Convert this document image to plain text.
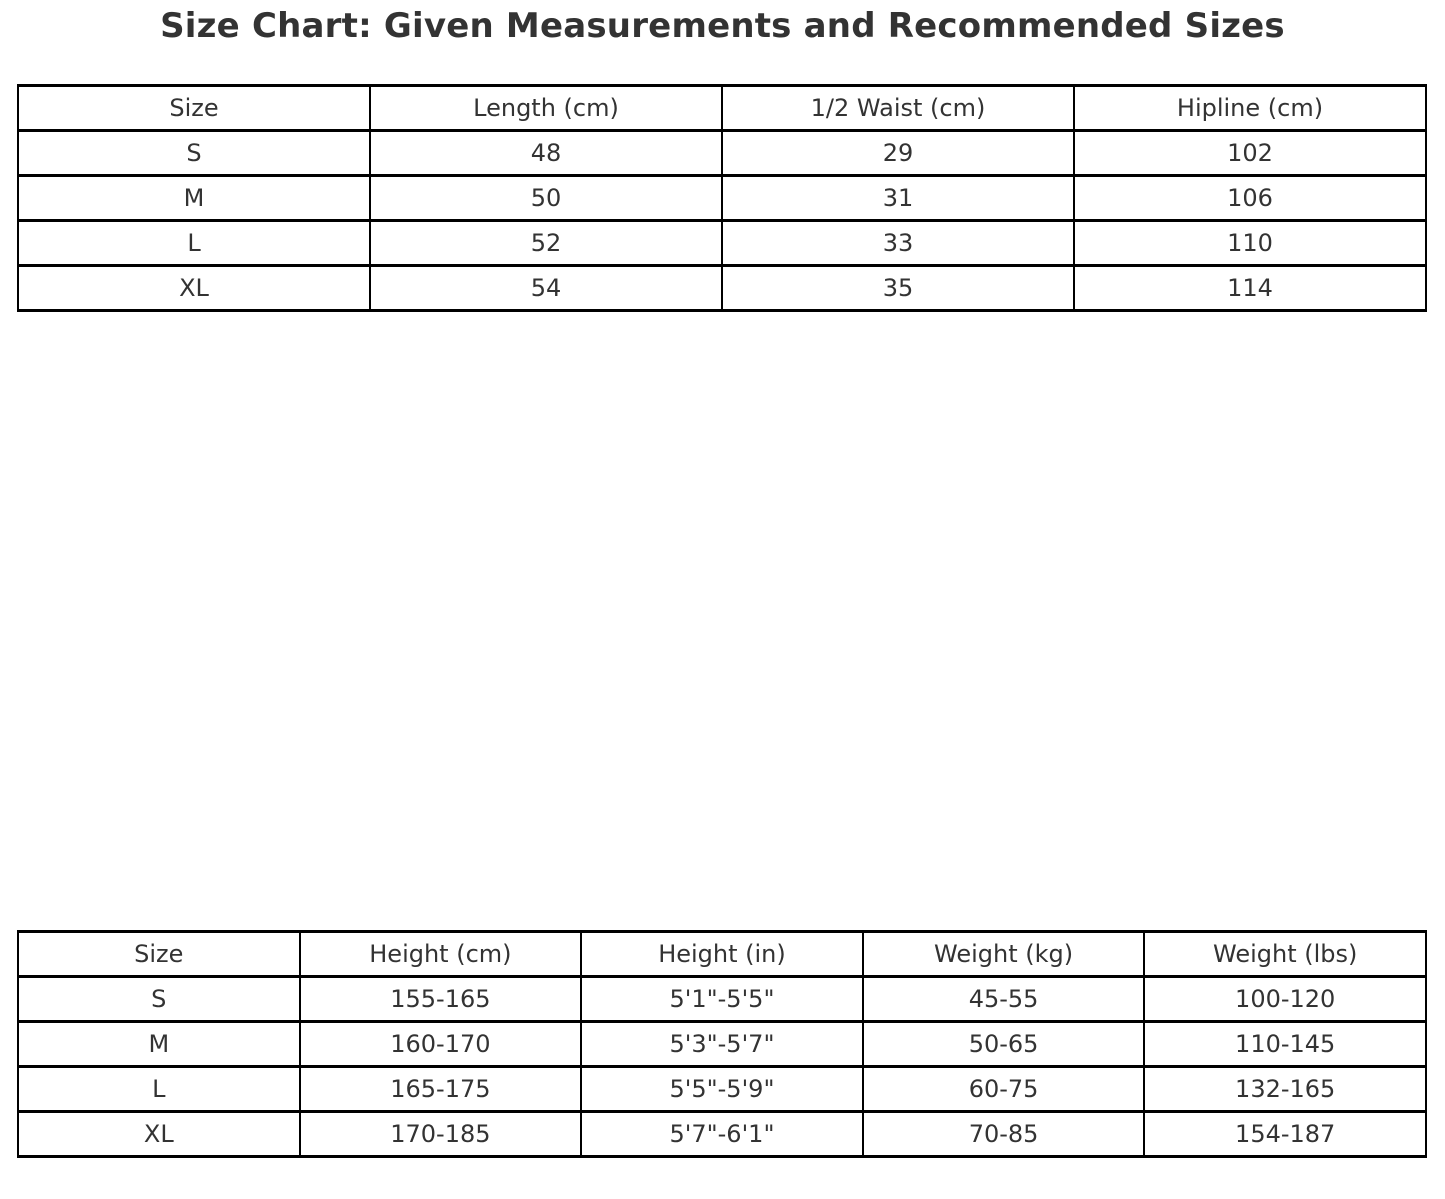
Size Chart: Given Measurements and Recommended Sizes
Size	Length (cm)	1/2 Waist (cm)	Hipline (cm)
S	48	29	102
M	50	31	106
L	52	33	110
XL	54	35	114
Size	Height (cm)	Height (in)	Weight (kg)	Weight (lbs)
S	155-165	5'1"-5'5"	45-55	100-120
M	160-170	5'3"-5'7"	50-65	110-145
L	165-175	5'5"-5'9"	60-75	132-165
XL	170-185	5'7"-6'1"	70-85	154-187
